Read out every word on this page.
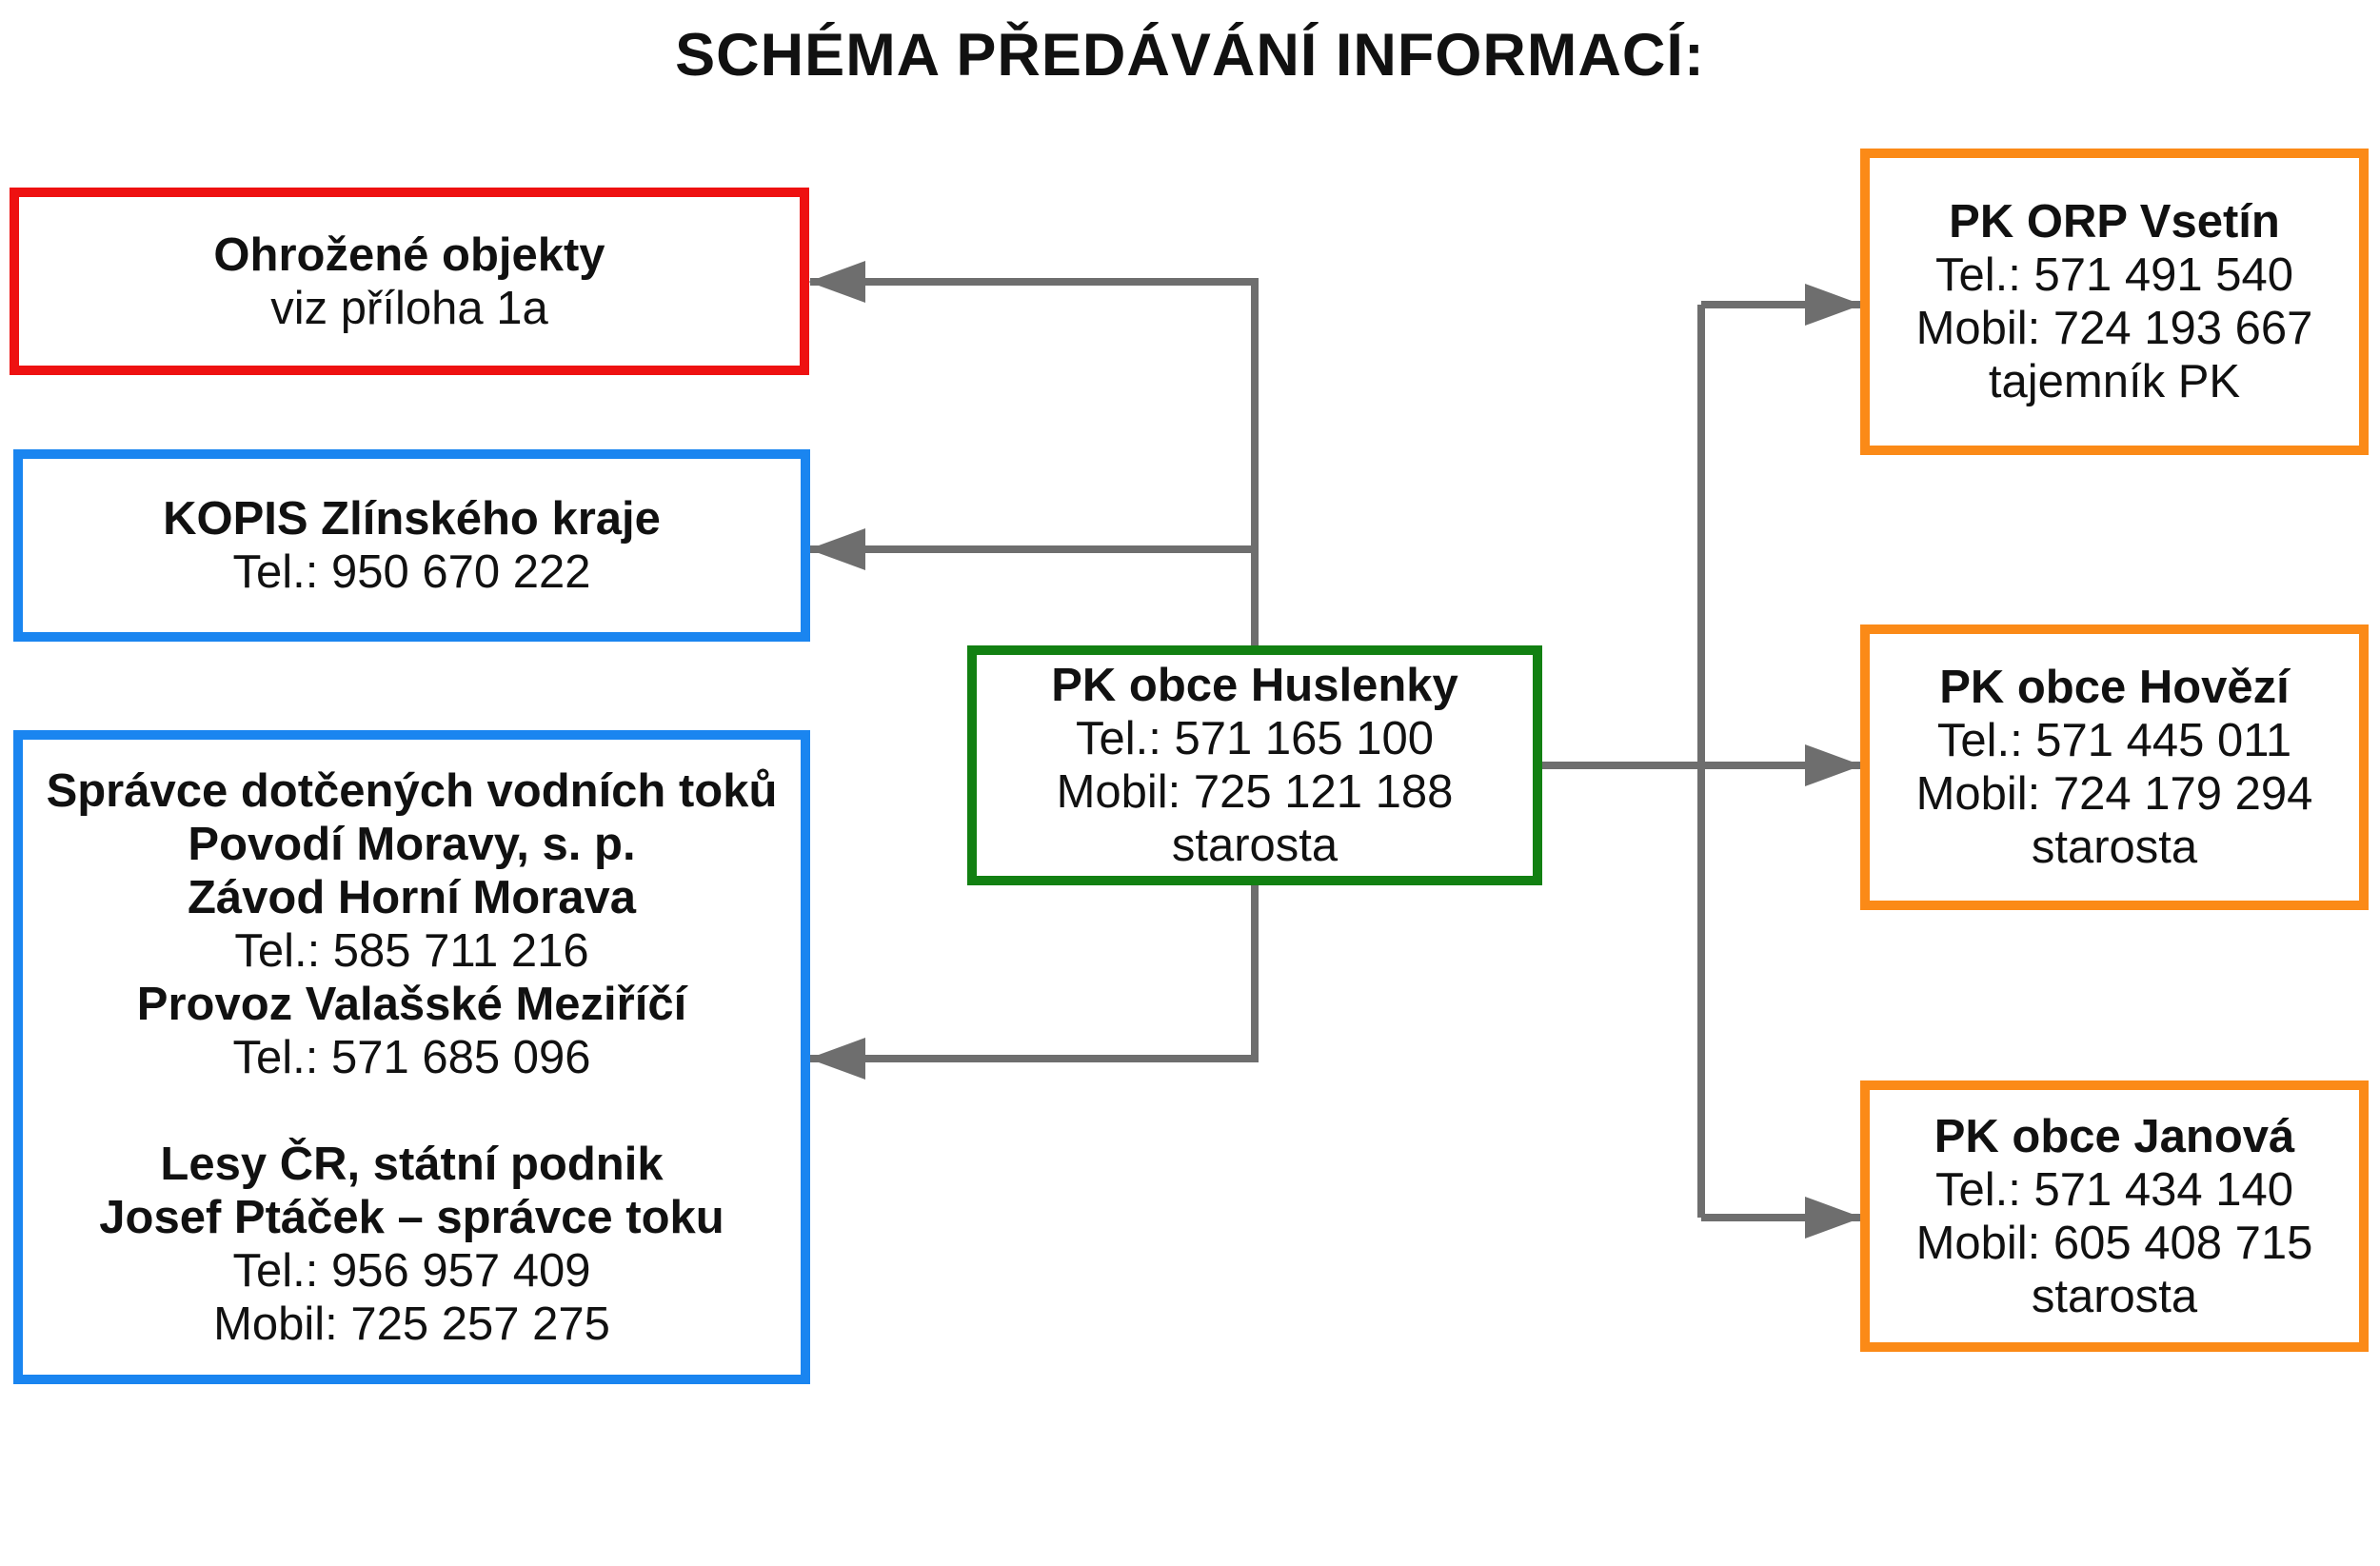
SCHÉMA PŘEDÁVÁNÍ INFORMACÍ:
Ohrožené objekty
viz příloha 1a
KOPIS Zlínského kraje
Tel.: 950 670 222
Správce dotčených vodních toků
Povodí Moravy, s. p.
Závod Horní Morava
Tel.: 585 711 216
Provoz Valašské Meziříčí
Tel.: 571 685 096
Lesy ČR, státní podnik
Josef Ptáček – správce toku
Tel.: 956 957 409
Mobil: 725 257 275
PK obce Huslenky
Tel.: 571 165 100
Mobil: 725 121 188
starosta
PK ORP Vsetín
Tel.: 571 491 540
Mobil: 724 193 667
tajemník PK
PK obce Hovězí
Tel.: 571 445 011
Mobil: 724 179 294
starosta
PK obce Janová
Tel.: 571 434 140
Mobil: 605 408 715
starosta
